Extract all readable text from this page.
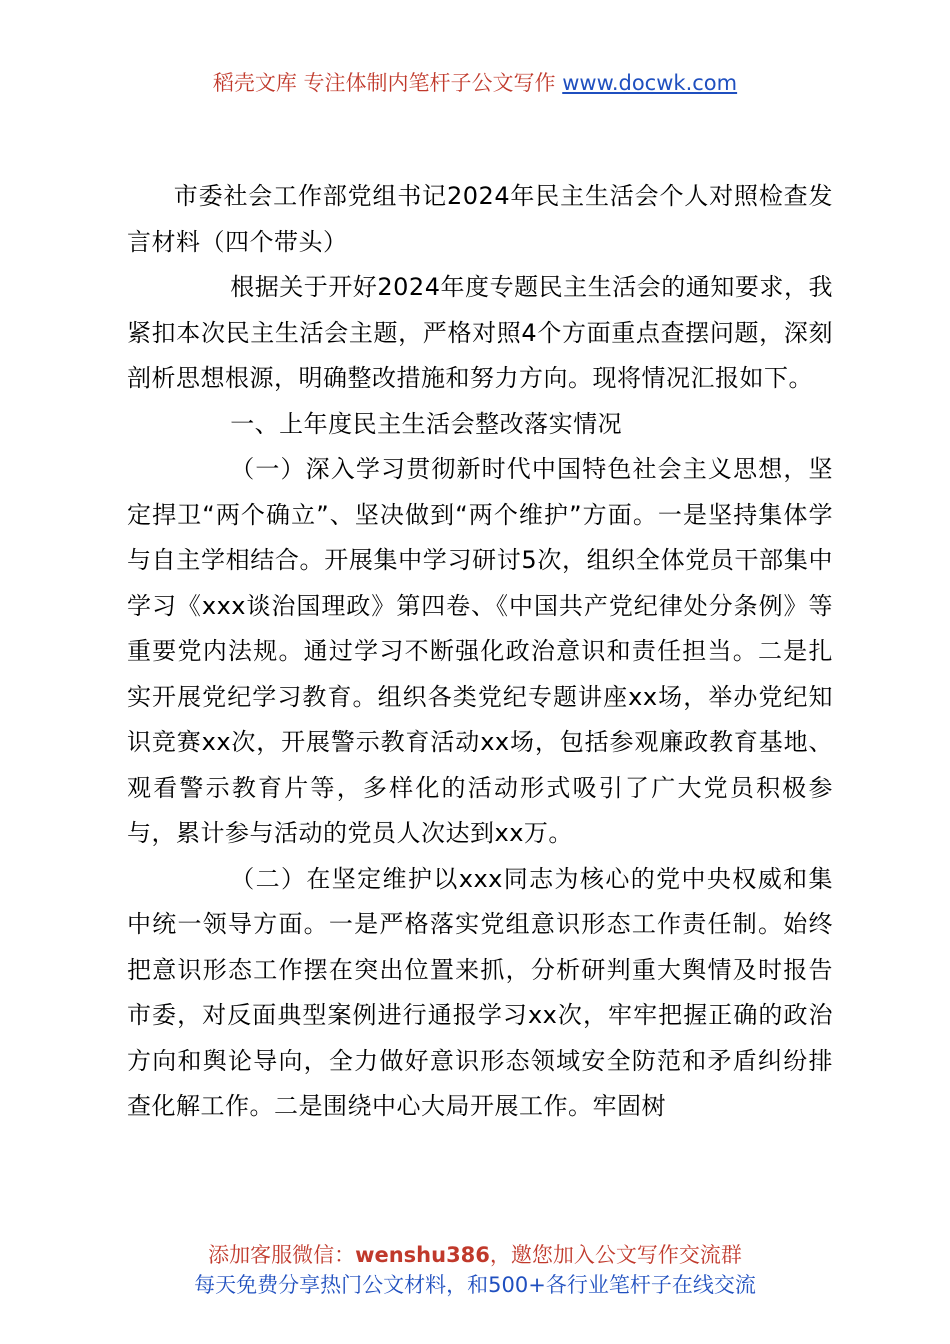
稻壳文库 专注体制内笔杆子公文写作 www.docwk.com

市委社会工作部党组书记2024年民主生活会个人对照检查发言材料（四个带头）

根据关于开好2024年度专题民主生活会的通知要求，我紧扣本次民主生活会主题，严格对照4个方面重点查摆问题，深刻剖析思想根源，明确整改措施和努力方向。现将情况汇报如下。

一、上年度民主生活会整改落实情况

（一）深入学习贯彻新时代中国特色社会主义思想，坚定捍卫“两个确立”、坚决做到“两个维护”方面。一是坚持集体学与自主学相结合。开展集中学习研讨5次，组织全体党员干部集中学习《xxx谈治国理政》第四卷、《中国共产党纪律处分条例》等重要党内法规。通过学习不断强化政治意识和责任担当。二是扎实开展党纪学习教育。组织各类党纪专题讲座xx场，举办党纪知识竞赛xx次，开展警示教育活动xx场，包括参观廉政教育基地、观看警示教育片等，多样化的活动形式吸引了广大党员积极参与，累计参与活动的党员人次达到xx万。

（二）在坚定维护以xxx同志为核心的党中央权威和集中统一领导方面。一是严格落实党组意识形态工作责任制。始终把意识形态工作摆在突出位置来抓，分析研判重大舆情及时报告市委，对反面典型案例进行通报学习xx次，牢牢把握正确的政治方向和舆论导向，全力做好意识形态领域安全防范和矛盾纠纷排查化解工作。二是围绕中心大局开展工作。牢固树

添加客服微信：wenshu386，邀您加入公文写作交流群
每天免费分享热门公文材料，和500+各行业笔杆子在线交流
